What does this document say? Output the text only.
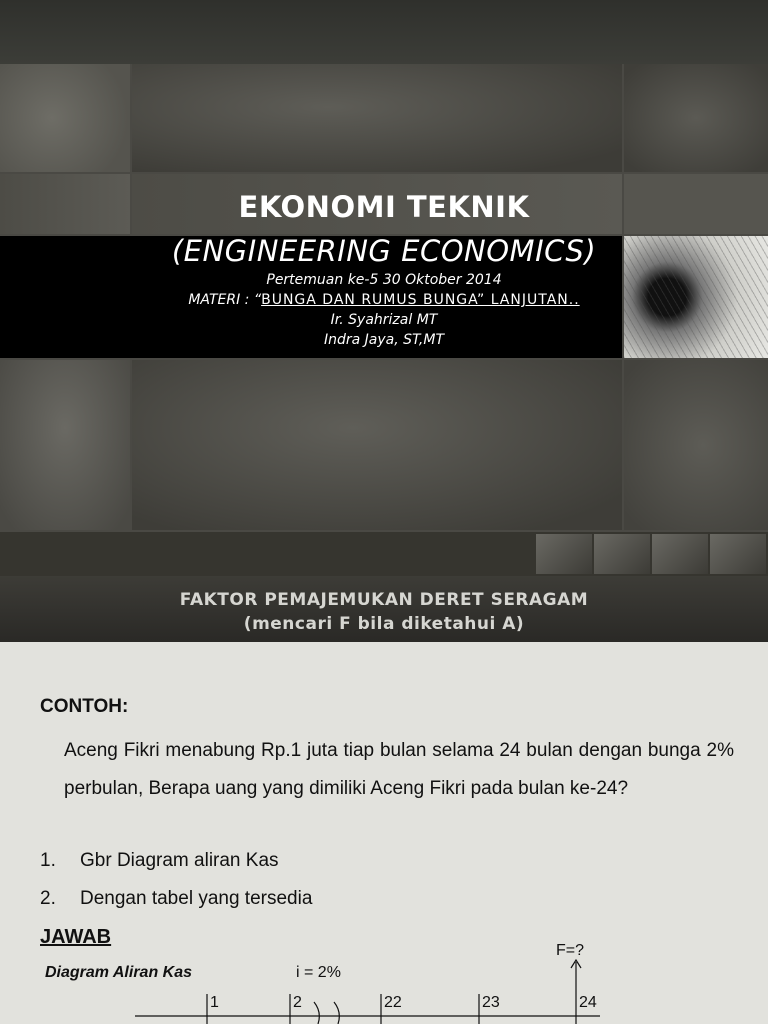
EKONOMI TEKNIK
(ENGINEERING ECONOMICS)
Pertemuan ke-5 30 Oktober 2014
MATERI : “BUNGA DAN RUMUS BUNGA” LANJUTAN..
Ir. Syahrizal MT
Indra Jaya, ST,MT
FAKTOR PEMAJEMUKAN DERET SERAGAM
(mencari F bila diketahui A)
CONTOH:
Aceng Fikri menabung Rp.1 juta tiap bulan selama 24 bulan dengan bunga 2% perbulan, Berapa uang yang dimiliki Aceng Fikri pada bulan ke-24?
1. Gbr Diagram aliran Kas
2. Dengan tabel yang tersedia
JAWAB
Diagram Aliran Kas	i = 2%
F=?
1	2	22	23	24
